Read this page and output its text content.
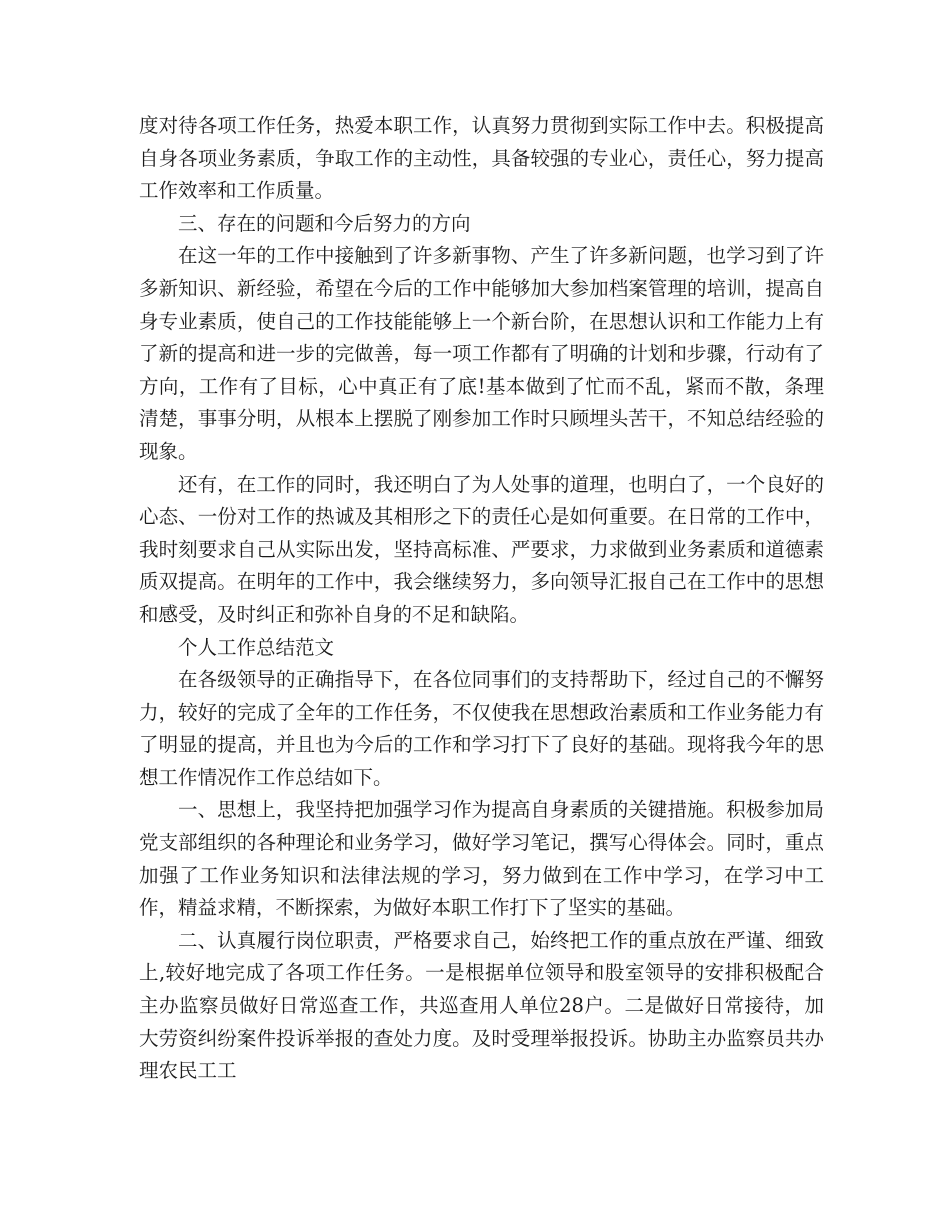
度对待各项工作任务，热爱本职工作，认真努力贯彻到实际工作中去。积极提高自身各项业务素质，争取工作的主动性，具备较强的专业心，责任心，努力提高工作效率和工作质量。

三、存在的问题和今后努力的方向

在这一年的工作中接触到了许多新事物、产生了许多新问题，也学习到了许多新知识、新经验，希望在今后的工作中能够加大参加档案管理的培训，提高自身专业素质，使自己的工作技能能够上一个新台阶，在思想认识和工作能力上有了新的提高和进一步的完做善，每一项工作都有了明确的计划和步骤，行动有了方向，工作有了目标，心中真正有了底!基本做到了忙而不乱，紧而不散，条理清楚，事事分明，从根本上摆脱了刚参加工作时只顾埋头苦干，不知总结经验的现象。

还有，在工作的同时，我还明白了为人处事的道理，也明白了，一个良好的心态、一份对工作的热诚及其相形之下的责任心是如何重要。在日常的工作中，我时刻要求自己从实际出发，坚持高标准、严要求，力求做到业务素质和道德素质双提高。在明年的工作中，我会继续努力，多向领导汇报自己在工作中的思想和感受，及时纠正和弥补自身的不足和缺陷。

个人工作总结范文

在各级领导的正确指导下，在各位同事们的支持帮助下，经过自己的不懈努力，较好的完成了全年的工作任务，不仅使我在思想政治素质和工作业务能力有了明显的提高，并且也为今后的工作和学习打下了良好的基础。现将我今年的思想工作情况作工作总结如下。

一、思想上，我坚持把加强学习作为提高自身素质的关键措施。积极参加局党支部组织的各种理论和业务学习，做好学习笔记，撰写心得体会。同时，重点加强了工作业务知识和法律法规的学习，努力做到在工作中学习，在学习中工作，精益求精，不断探索，为做好本职工作打下了坚实的基础。

二、认真履行岗位职责，严格要求自己，始终把工作的重点放在严谨、细致上,较好地完成了各项工作任务。一是根据单位领导和股室领导的安排积极配合主办监察员做好日常巡查工作，共巡查用人单位28户。二是做好日常接待，加大劳资纠纷案件投诉举报的查处力度。及时受理举报投诉。协助主办监察员共办理农民工工
